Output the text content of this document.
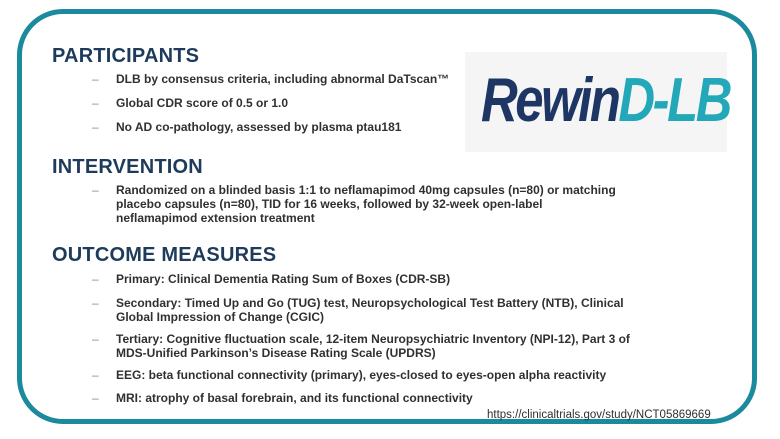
RewinD-LB
PARTICIPANTS
– DLB by consensus criteria, including abnormal DaTscan™
– Global CDR score of 0.5 or 1.0
– No AD co-pathology, assessed by plasma ptau181
INTERVENTION
– Randomized on a blinded basis 1:1 to neflamapimod 40mg capsules (n=80) or matching placebo capsules (n=80), TID for 16 weeks, followed by 32-week open-label neflamapimod extension treatment
OUTCOME MEASURES
– Primary: Clinical Dementia Rating Sum of Boxes (CDR-SB)
– Secondary: Timed Up and Go (TUG) test, Neuropsychological Test Battery (NTB), Clinical Global Impression of Change (CGIC)
– Tertiary: Cognitive fluctuation scale, 12-item Neuropsychiatric Inventory (NPI-12), Part 3 of MDS-Unified Parkinson’s Disease Rating Scale (UPDRS)
– EEG: beta functional connectivity (primary), eyes-closed to eyes-open alpha reactivity
– MRI: atrophy of basal forebrain, and its functional connectivity
https://clinicaltrials.gov/study/NCT05869669
